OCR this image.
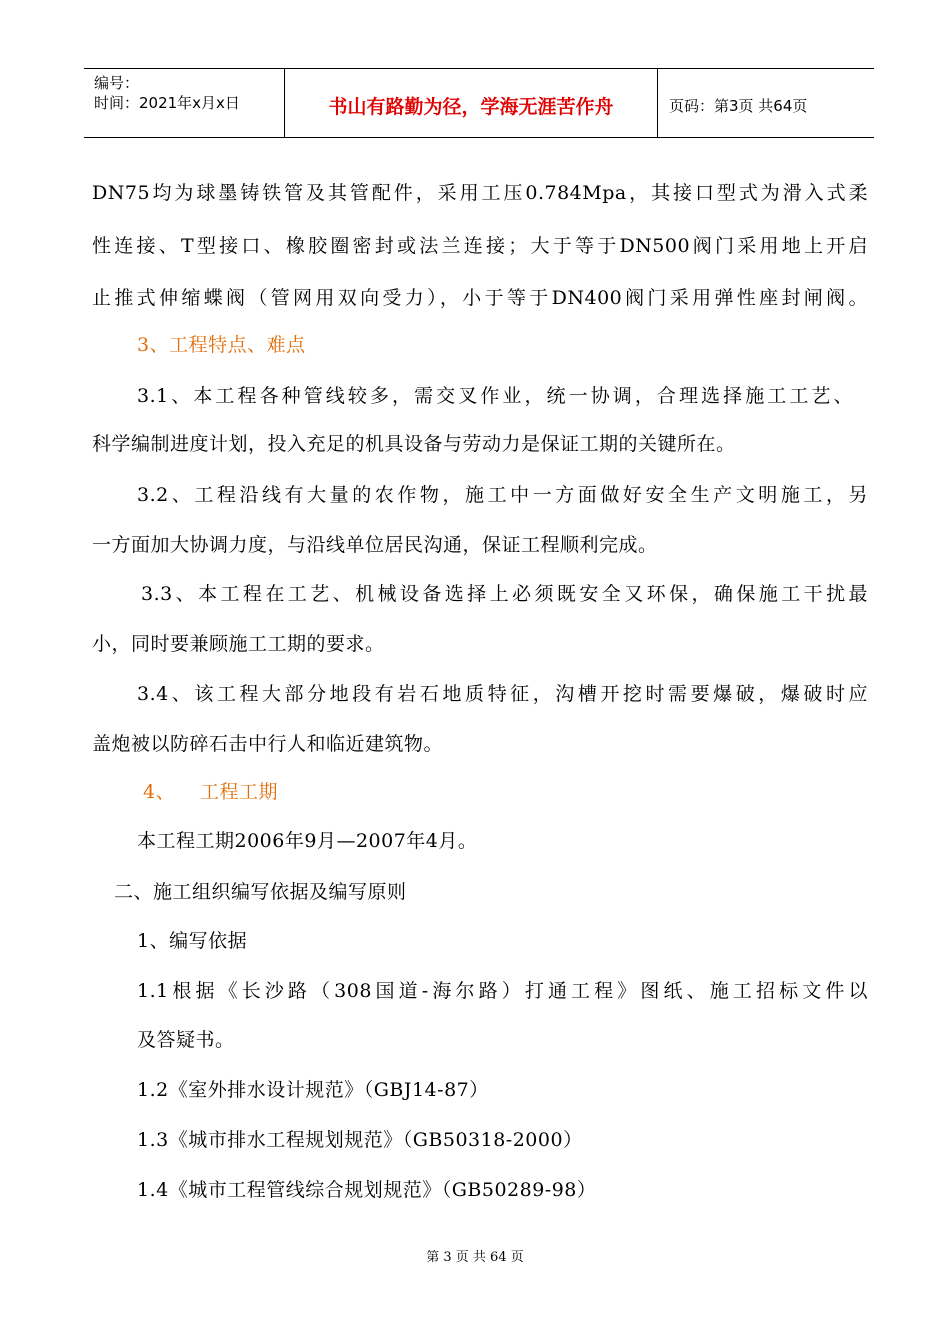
编号：
时间：2021年x月x日	书山有路勤为径，学海无涯苦作舟	页码：第3页 共64页
DN75均为球墨铸铁管及其管配件，采用工压0.784Mpa，其接口型式为滑入式柔
性连接、T型接口、橡胶圈密封或法兰连接；大于等于DN500阀门采用地上开启
止推式伸缩蝶阀（管网用双向受力），小于等于DN400阀门采用弹性座封闸阀。
3、工程特点、难点
3.1、本工程各种管线较多，需交叉作业，统一协调，合理选择施工工艺、
科学编制进度计划，投入充足的机具设备与劳动力是保证工期的关键所在。
3.2、工程沿线有大量的农作物，施工中一方面做好安全生产文明施工，另
一方面加大协调力度，与沿线单位居民沟通，保证工程顺利完成。
3.3、本工程在工艺、机械设备选择上必须既安全又环保，确保施工干扰最
小，同时要兼顾施工工期的要求。
3.4、该工程大部分地段有岩石地质特征，沟槽开挖时需要爆破，爆破时应
盖炮被以防碎石击中行人和临近建筑物。
4、 工程工期
本工程工期2006年9月—2007年4月。
二、施工组织编写依据及编写原则
1、编写依据
1.1根据《长沙路（308国道-海尔路）打通工程》图纸、施工招标文件以
及答疑书。
1.2《室外排水设计规范》（GBJ14-87）
1.3《城市排水工程规划规范》（GB50318-2000）
1.4《城市工程管线综合规划规范》（GB50289-98）
第 3 页 共 64 页
